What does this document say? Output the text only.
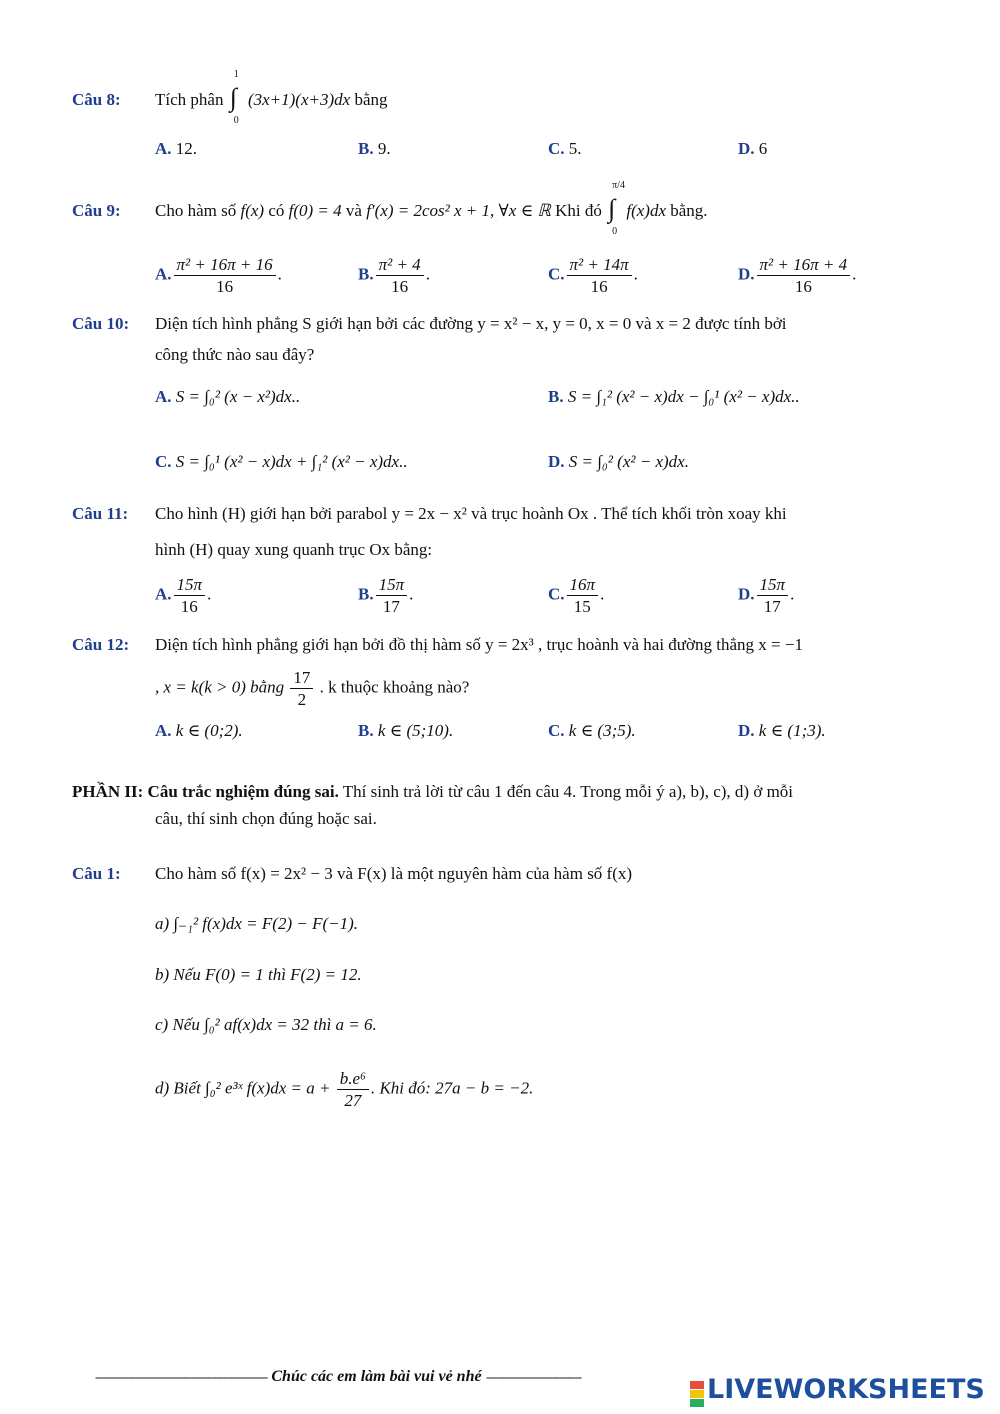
Câu 8: Tích phân ∫
1
0
(3x+1)(x+3)dx bằng
A. 12.	B. 9.	C. 5.	D. 6
Câu 9: Cho hàm số f(x) có f(0) = 4 và f′(x) = 2cos² x + 1, ∀x ∈ ℝ Khi đó ∫
π/4
0
f(x)dx bằng.
A. $\frac{\text{π² + 16π + 16}}{16}$ .	B. $\frac{\text{π² + 4}}{16}$ .	C. $\frac{\text{π² + 14π}}{16}$ .	D. $\frac{\text{π² + 16π + 4}}{16}$ .
Câu 10: Diện tích hình phẳng S giới hạn bởi các đường y = x² − x, y = 0, x = 0 và x = 2 được tính bởi
công thức nào sau đây?
A. S = ∫₀² (x − x²)dx..	B. S = ∫₁² (x² − x)dx − ∫₀¹ (x² − x)dx..
C. S = ∫₀¹ (x² − x)dx + ∫₁² (x² − x)dx..	D. S = ∫₀² (x² − x)dx.
Câu 11: Cho hình (H) giới hạn bởi parabol y = 2x − x² và trục hoành Ox . Thể tích khối tròn xoay khi
hình (H) quay xung quanh trục Ox bằng:
A. $\frac{15\pi}{16}$ .	B. $\frac{15\pi}{17}$ .	C. $\frac{16\pi}{15}$ .	D. $\frac{15\pi}{17}$ .
Câu 12: Diện tích hình phẳng giới hạn bởi đồ thị hàm số y = 2x³ , trục hoành và hai đường thẳng x = −1
, x = k(k > 0) bằng $\frac{17}{2}$ . k thuộc khoảng nào?
A. k ∈ (0;2).	B. k ∈ (5;10).	C. k ∈ (3;5).	D. k ∈ (1;3).
PHẦN II: Câu trắc nghiệm đúng sai. Thí sinh trả lời từ câu 1 đến câu 4. Trong mỗi ý a), b), c), d) ở mỗi
câu, thí sinh chọn đúng hoặc sai.
Câu 1: Cho hàm số f(x) = 2x² − 3 và F(x) là một nguyên hàm của hàm số f(x)
a) ∫₋₁² f(x)dx = F(2) − F(−1).
b) Nếu F(0) = 1 thì F(2) = 12.
c) Nếu ∫₀² af(x)dx = 32 thì a = 6.
d) Biết ∫₀² e³ˣ $f(x)dx = a + \frac{\text{b.e⁶}}{27}$ . Khi đó: 27a − b = −2.
----------------------------------------------- Chúc các em làm bài vui vẻ nhé --------------------------	LIVEWORKSHEETS
